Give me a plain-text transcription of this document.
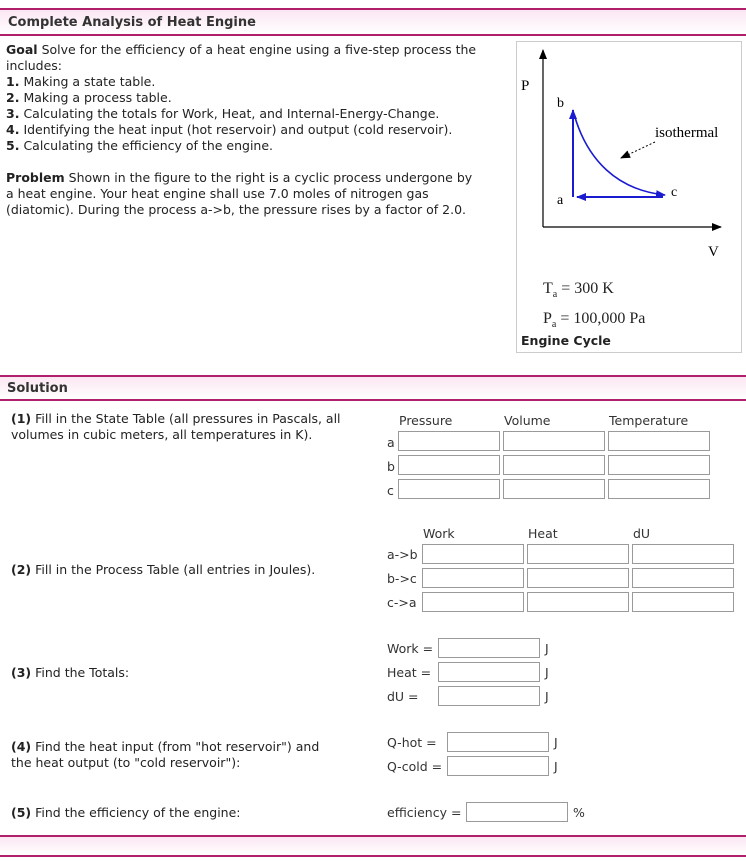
Complete Analysis of Heat Engine
Goal Solve for the efficiency of a heat engine using a five-step process the
includes:
1. Making a state table.
2. Making a process table.
3. Calculating the totals for Work, Heat, and Internal-Energy-Change.
4. Identifying the heat input (hot reservoir) and output (cold reservoir).
5. Calculating the efficiency of the engine.
Problem Shown in the figure to the right is a cyclic process undergone by
a heat engine. Your heat engine shall use 7.0 moles of nitrogen gas
(diatomic). During the process a->b, the pressure rises by a factor of 2.0.
P
V
b
a
c
isothermal
$T_a = 300$ K
$P_a = 100,000$ Pa
Engine Cycle
Solution
(1) Fill in the State Table (all pressures in Pascals, all
volumes in cubic meters, all temperatures in K).
Pressure	Volume	Temperature
a
b
c
Work	Heat	dU
a->b
b->c
c->a
(2) Fill in the Process Table (all entries in Joules).
(3) Find the Totals:
Work =	J
Heat =	J
dU =	J
(4) Find the heat input (from "hot reservoir") and
the heat output (to "cold reservoir"):
Q-hot =	J
Q-cold =	J
(5) Find the efficiency of the engine:	efficiency =	%
